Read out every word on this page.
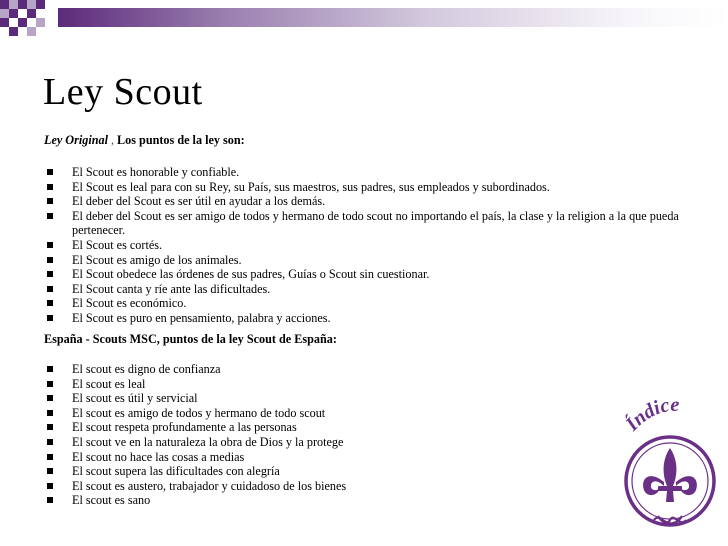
Ley Scout
Ley Original , Los puntos de la ley son:
El Scout es honorable y confiable.
El Scout es leal para con su Rey, su País, sus maestros, sus padres, sus empleados y subordinados.
El deber del Scout es ser útil en ayudar a los demás.
El deber del Scout es ser amigo de todos y hermano de todo scout no importando el país, la clase y la religion a la que pueda pertenecer.
El Scout es cortés.
El Scout es amigo de los animales.
El Scout obedece las órdenes de sus padres, Guías o Scout sin cuestionar.
El Scout canta y ríe ante las dificultades.
El Scout es económico.
El Scout es puro en pensamiento, palabra y acciones.
España - Scouts MSC, puntos de la ley Scout de España:
El scout es digno de confianza
El scout es leal
El scout es útil y servicial
El scout es amigo de todos y hermano de todo scout
El scout respeta profundamente a las personas
El scout ve en la naturaleza la obra de Dios y la protege
El scout no hace las cosas a medias
El scout supera las dificultades con alegría
El scout es austero, trabajador y cuidadoso de los bienes
El scout es sano
Índice
